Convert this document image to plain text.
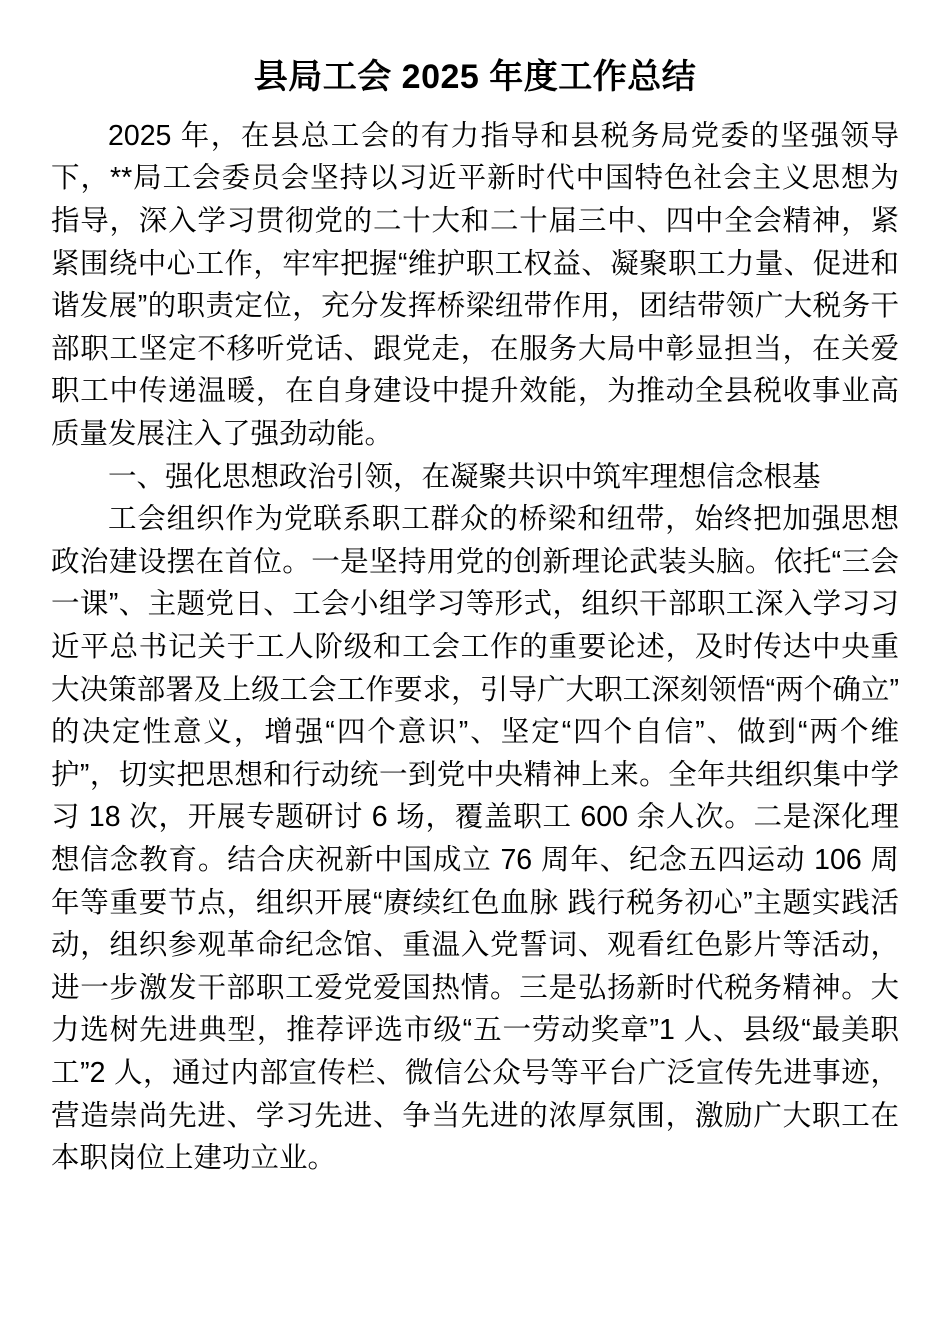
县局工会 2025 年度工作总结

2025 年，在县总工会的有力指导和县税务局党委的坚强领导下，**局工会委员会坚持以习近平新时代中国特色社会主义思想为指导，深入学习贯彻党的二十大和二十届三中、四中全会精神，紧紧围绕中心工作，牢牢把握“维护职工权益、凝聚职工力量、促进和谐发展”的职责定位，充分发挥桥梁纽带作用，团结带领广大税务干部职工坚定不移听党话、跟党走，在服务大局中彰显担当，在关爱职工中传递温暖，在自身建设中提升效能，为推动全县税收事业高质量发展注入了强劲动能。

一、强化思想政治引领，在凝聚共识中筑牢理想信念根基

工会组织作为党联系职工群众的桥梁和纽带，始终把加强思想政治建设摆在首位。一是坚持用党的创新理论武装头脑。依托“三会一课”、主题党日、工会小组学习等形式，组织干部职工深入学习习近平总书记关于工人阶级和工会工作的重要论述，及时传达中央重大决策部署及上级工会工作要求，引导广大职工深刻领悟“两个确立”的决定性意义，增强“四个意识”、坚定“四个自信”、做到“两个维护”，切实把思想和行动统一到党中央精神上来。全年共组织集中学习 18 次，开展专题研讨 6 场，覆盖职工 600 余人次。二是深化理想信念教育。结合庆祝新中国成立 76 周年、纪念五四运动 106 周年等重要节点，组织开展“赓续红色血脉 践行税务初心”主题实践活动，组织参观革命纪念馆、重温入党誓词、观看红色影片等活动，进一步激发干部职工爱党爱国热情。三是弘扬新时代税务精神。大力选树先进典型，推荐评选市级“五一劳动奖章”1 人、县级“最美职工”2 人，通过内部宣传栏、微信公众号等平台广泛宣传先进事迹，营造崇尚先进、学习先进、争当先进的浓厚氛围，激励广大职工在本职岗位上建功立业。
